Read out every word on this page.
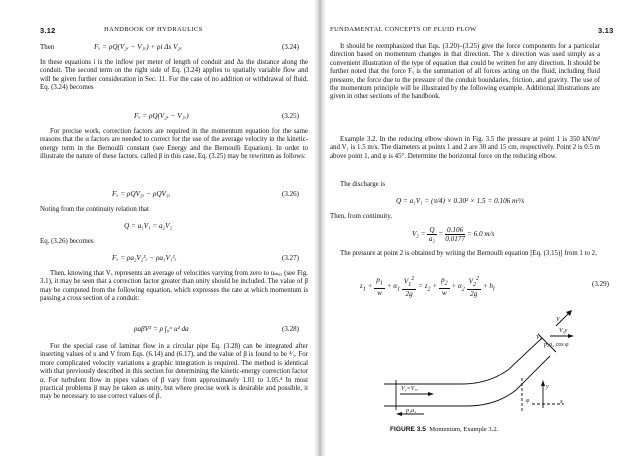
3.12	HANDBOOK OF HYDRAULICS
Then	Fₓ = ρQ(V₂ₓ − V₁ₓ) + ρi Δs V₂ₓ	(3.24)

In these equations i is the inflow per meter of length of conduit and Δs the distance along the conduit. The second term on the right side of Eq. (3.24) applies to spatially variable flow and will be given further consideration in Sec. 11. For the case of no addition or withdrawal of fluid, Eq. (3.24) becomes

Fₓ = ρQ(V₂ₓ − V₁ₓ)	(3.25)

For precise work, correction factors are required in the momentum equation for the same reasons that the α factors are needed to correct for the use of the average velocity in the kinetic-energy term in the Bernoulli constant (see Energy and the Bernoulli Equation). In order to illustrate the nature of these factors, called β in this case, Eq. (3.25) may be rewritten as follows:

Fₓ = ρQV₂ₓ − ρQV₁ₓ	(3.26)

Noting from the continuity relation that

Q = a₁V₁ = a₂V₂

Eq. (3.26) becomes

Fₓ = ρa₂V₂²ₓ − ρa₁V₁²ₓ	(3.27)

Then, knowing that Vₓ represents an average of velocities varying from zero to uₘₐₓ (see Fig. 3.1), it may be seen that a correction factor greater than unity should be included. The value of β may be computed from the following equation, which expresses the rate at which momentum is passing a cross section of a conduit:

ρaβV² = ρ ∫₀ᵃ u² da	(3.28)

For the special case of laminar flow in a circular pipe Eq. (3.28) can be integrated after inserting values of u and V from Eqs. (6.14) and (6.17), and the value of β is found to be ⁴⁄₃. For more complicated velocity variations a graphic integration is required. The method is identical with that previously described in this section for determining the kinetic-energy correction factor α. For turbulent flow in pipes values of β vary from approximately 1.01 to 1.05.⁴ In most practical problems β may be taken as unity, but where precise work is desirable and possible, it may be necessary to use correct values of β.

FUNDAMENTAL CONCEPTS OF FLUID FLOW	3.13

It should be reemphasized that Eqs. (3.20)–(3.25) give the force components for a particular direction based on momentum changes in that direction. The x direction was used simply as a convenient illustration of the type of equation that could be written for any direction. It should be further noted that the force Fₓ is the summation of all forces acting on the fluid, including fluid pressure, the force due to the pressure of the conduit boundaries, friction, and gravity. The use of the momentum principle will be illustrated by the following example. Additional illustrations are given in other sections of the handbook.

Example 3.2. In the reducing elbow shown in Fig. 3.5 the pressure at point 1 is 350 kN/m² and V₁ is 1.5 m/s. The diameters at points 1 and 2 are 30 and 15 cm, respectively. Point 2 is 0.5 m above point 1, and φ is 45°. Determine the horizontal force on the reducing elbow.

The discharge is

Q = a₁V₁ = (π/4) × 0.30² × 1.5 = 0.106 m³/s

Then, from continuity,

$V_2 = \frac{Q}{\text{a₂}} = \frac{0.106}{0.0177} = 6.0$ m/s

The pressure at point 2 is obtained by writing the Bernoulli equation [Eq. (3.15)] from 1 to 2,

$z_1 + \frac{p_1}{w} + \alpha_1 \frac{V_1^2}{2g} = z_2 + \frac{p_2}{w} + \alpha_2 \frac{V_2^2}{2g} + h_l$
(3.29)
V₁=V₁ₓ
p₁a₁
y
x
φ
V₂
V₂ₓ
V₂y
p₂a₂ cos φ
FIGURE 3.5 Momentum, Example 3.2.
